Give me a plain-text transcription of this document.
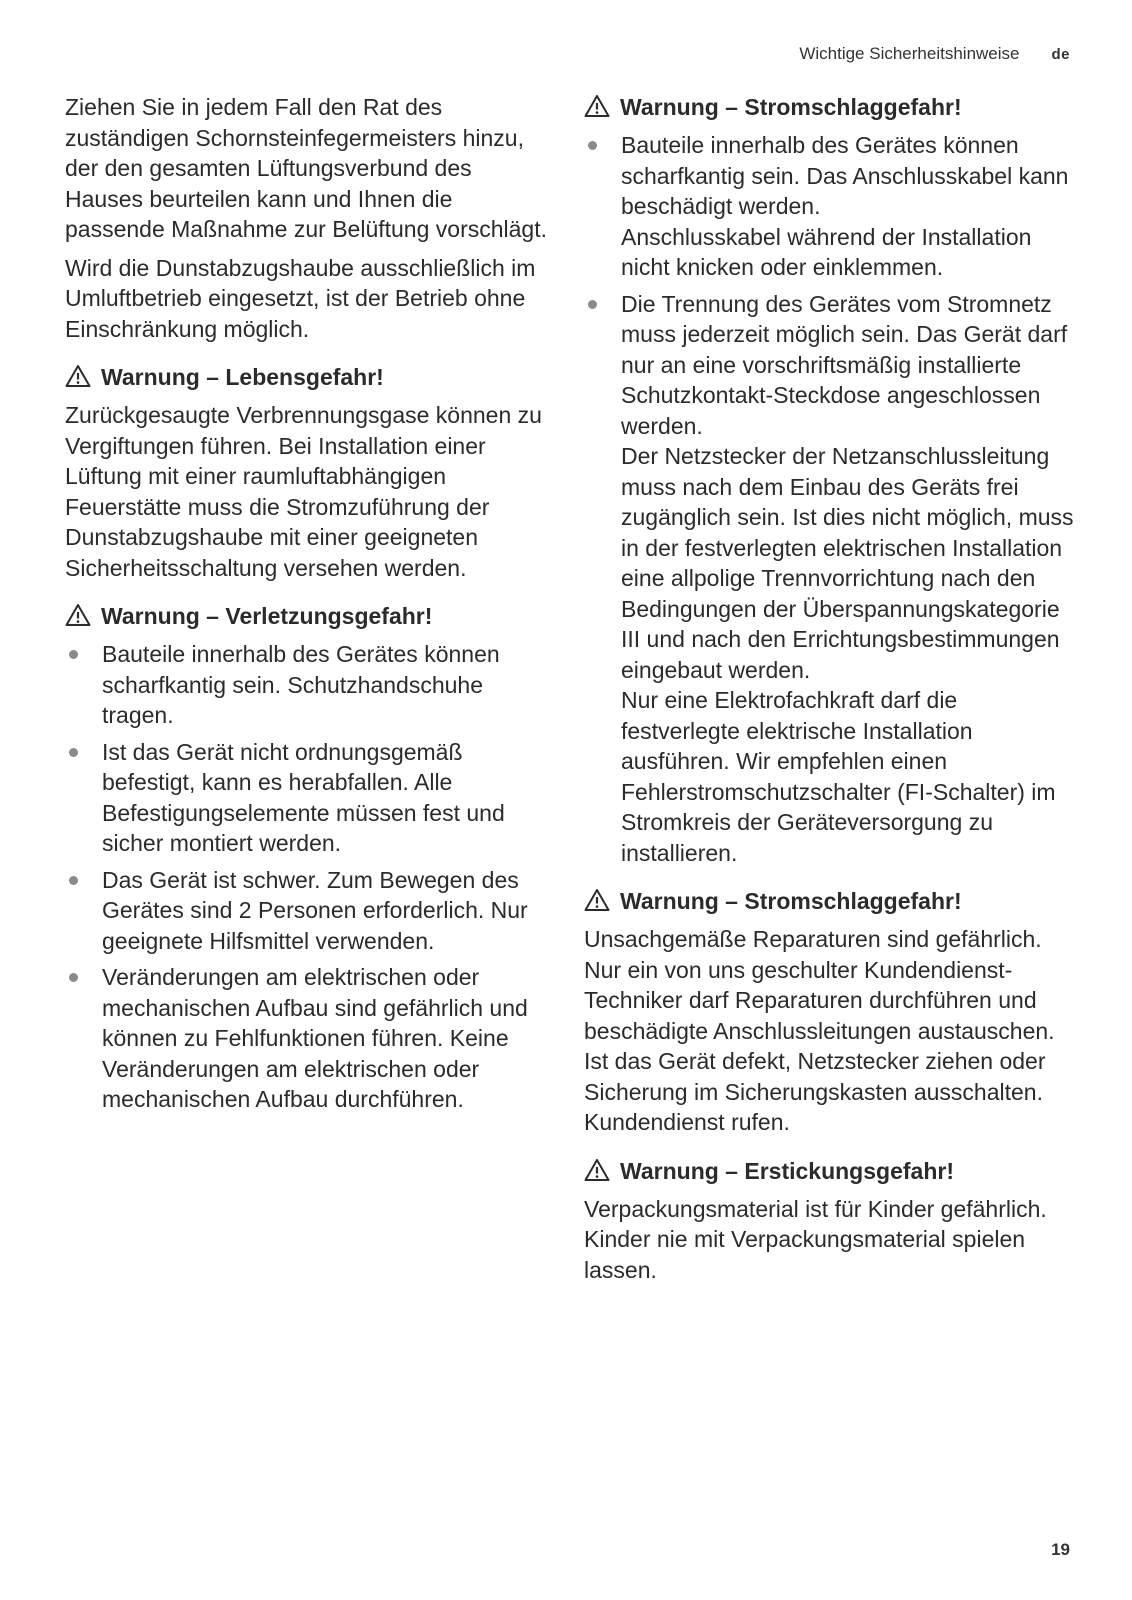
Wichtige Sicherheitshinweise de

Ziehen Sie in jedem Fall den Rat des zuständigen Schornsteinfegermeisters hinzu, der den gesamten Lüftungsverbund des Hauses beurteilen kann und Ihnen die passende Maßnahme zur Belüftung vorschlägt.

Wird die Dunstabzugshaube ausschließlich im Umluftbetrieb eingesetzt, ist der Betrieb ohne Einschränkung möglich.

Warnung – Lebensgefahr!

Zurückgesaugte Verbrennungsgase können zu Vergiftungen führen. Bei Installation einer Lüftung mit einer raumluftabhängigen Feuerstätte muss die Stromzuführung der Dunstabzugshaube mit einer geeigneten Sicherheitsschaltung versehen werden.

Warnung – Verletzungsgefahr!
Bauteile innerhalb des Gerätes können scharfkantig sein. Schutzhandschuhe tragen.
Ist das Gerät nicht ordnungsgemäß befestigt, kann es herabfallen. Alle Befestigungselemente müssen fest und sicher montiert werden.
Das Gerät ist schwer. Zum Bewegen des Gerätes sind 2 Personen erforderlich. Nur geeignete Hilfsmittel verwenden.
Veränderungen am elektrischen oder mechanischen Aufbau sind gefährlich und können zu Fehlfunktionen führen. Keine Veränderungen am elektrischen oder mechanischen Aufbau durchführen.
Warnung – Stromschlaggefahr!
Bauteile innerhalb des Gerätes können scharfkantig sein. Das Anschlusskabel kann beschädigt werden.
Anschlusskabel während der Installation nicht knicken oder einklemmen.
Die Trennung des Gerätes vom Stromnetz muss jederzeit möglich sein. Das Gerät darf nur an eine vorschriftsmäßig installierte Schutzkontakt-Steckdose angeschlossen werden.
Der Netzstecker der Netzanschlussleitung muss nach dem Einbau des Geräts frei zugänglich sein. Ist dies nicht möglich, muss in der festverlegten elektrischen Installation eine allpolige Trennvorrichtung nach den Bedingungen der Überspannungskategorie III und nach den Errichtungsbestimmungen eingebaut werden.
Nur eine Elektrofachkraft darf die festverlegte elektrische Installation ausführen. Wir empfehlen einen Fehlerstromschutzschalter (FI-Schalter) im Stromkreis der Geräteversorgung zu installieren.
Warnung – Stromschlaggefahr!

Unsachgemäße Reparaturen sind gefährlich. Nur ein von uns geschulter Kundendienst-Techniker darf Reparaturen durchführen und beschädigte Anschlussleitungen austauschen. Ist das Gerät defekt, Netzstecker ziehen oder Sicherung im Sicherungskasten ausschalten. Kundendienst rufen.

Warnung – Erstickungsgefahr!

Verpackungsmaterial ist für Kinder gefährlich. Kinder nie mit Verpackungsmaterial spielen lassen.

19
